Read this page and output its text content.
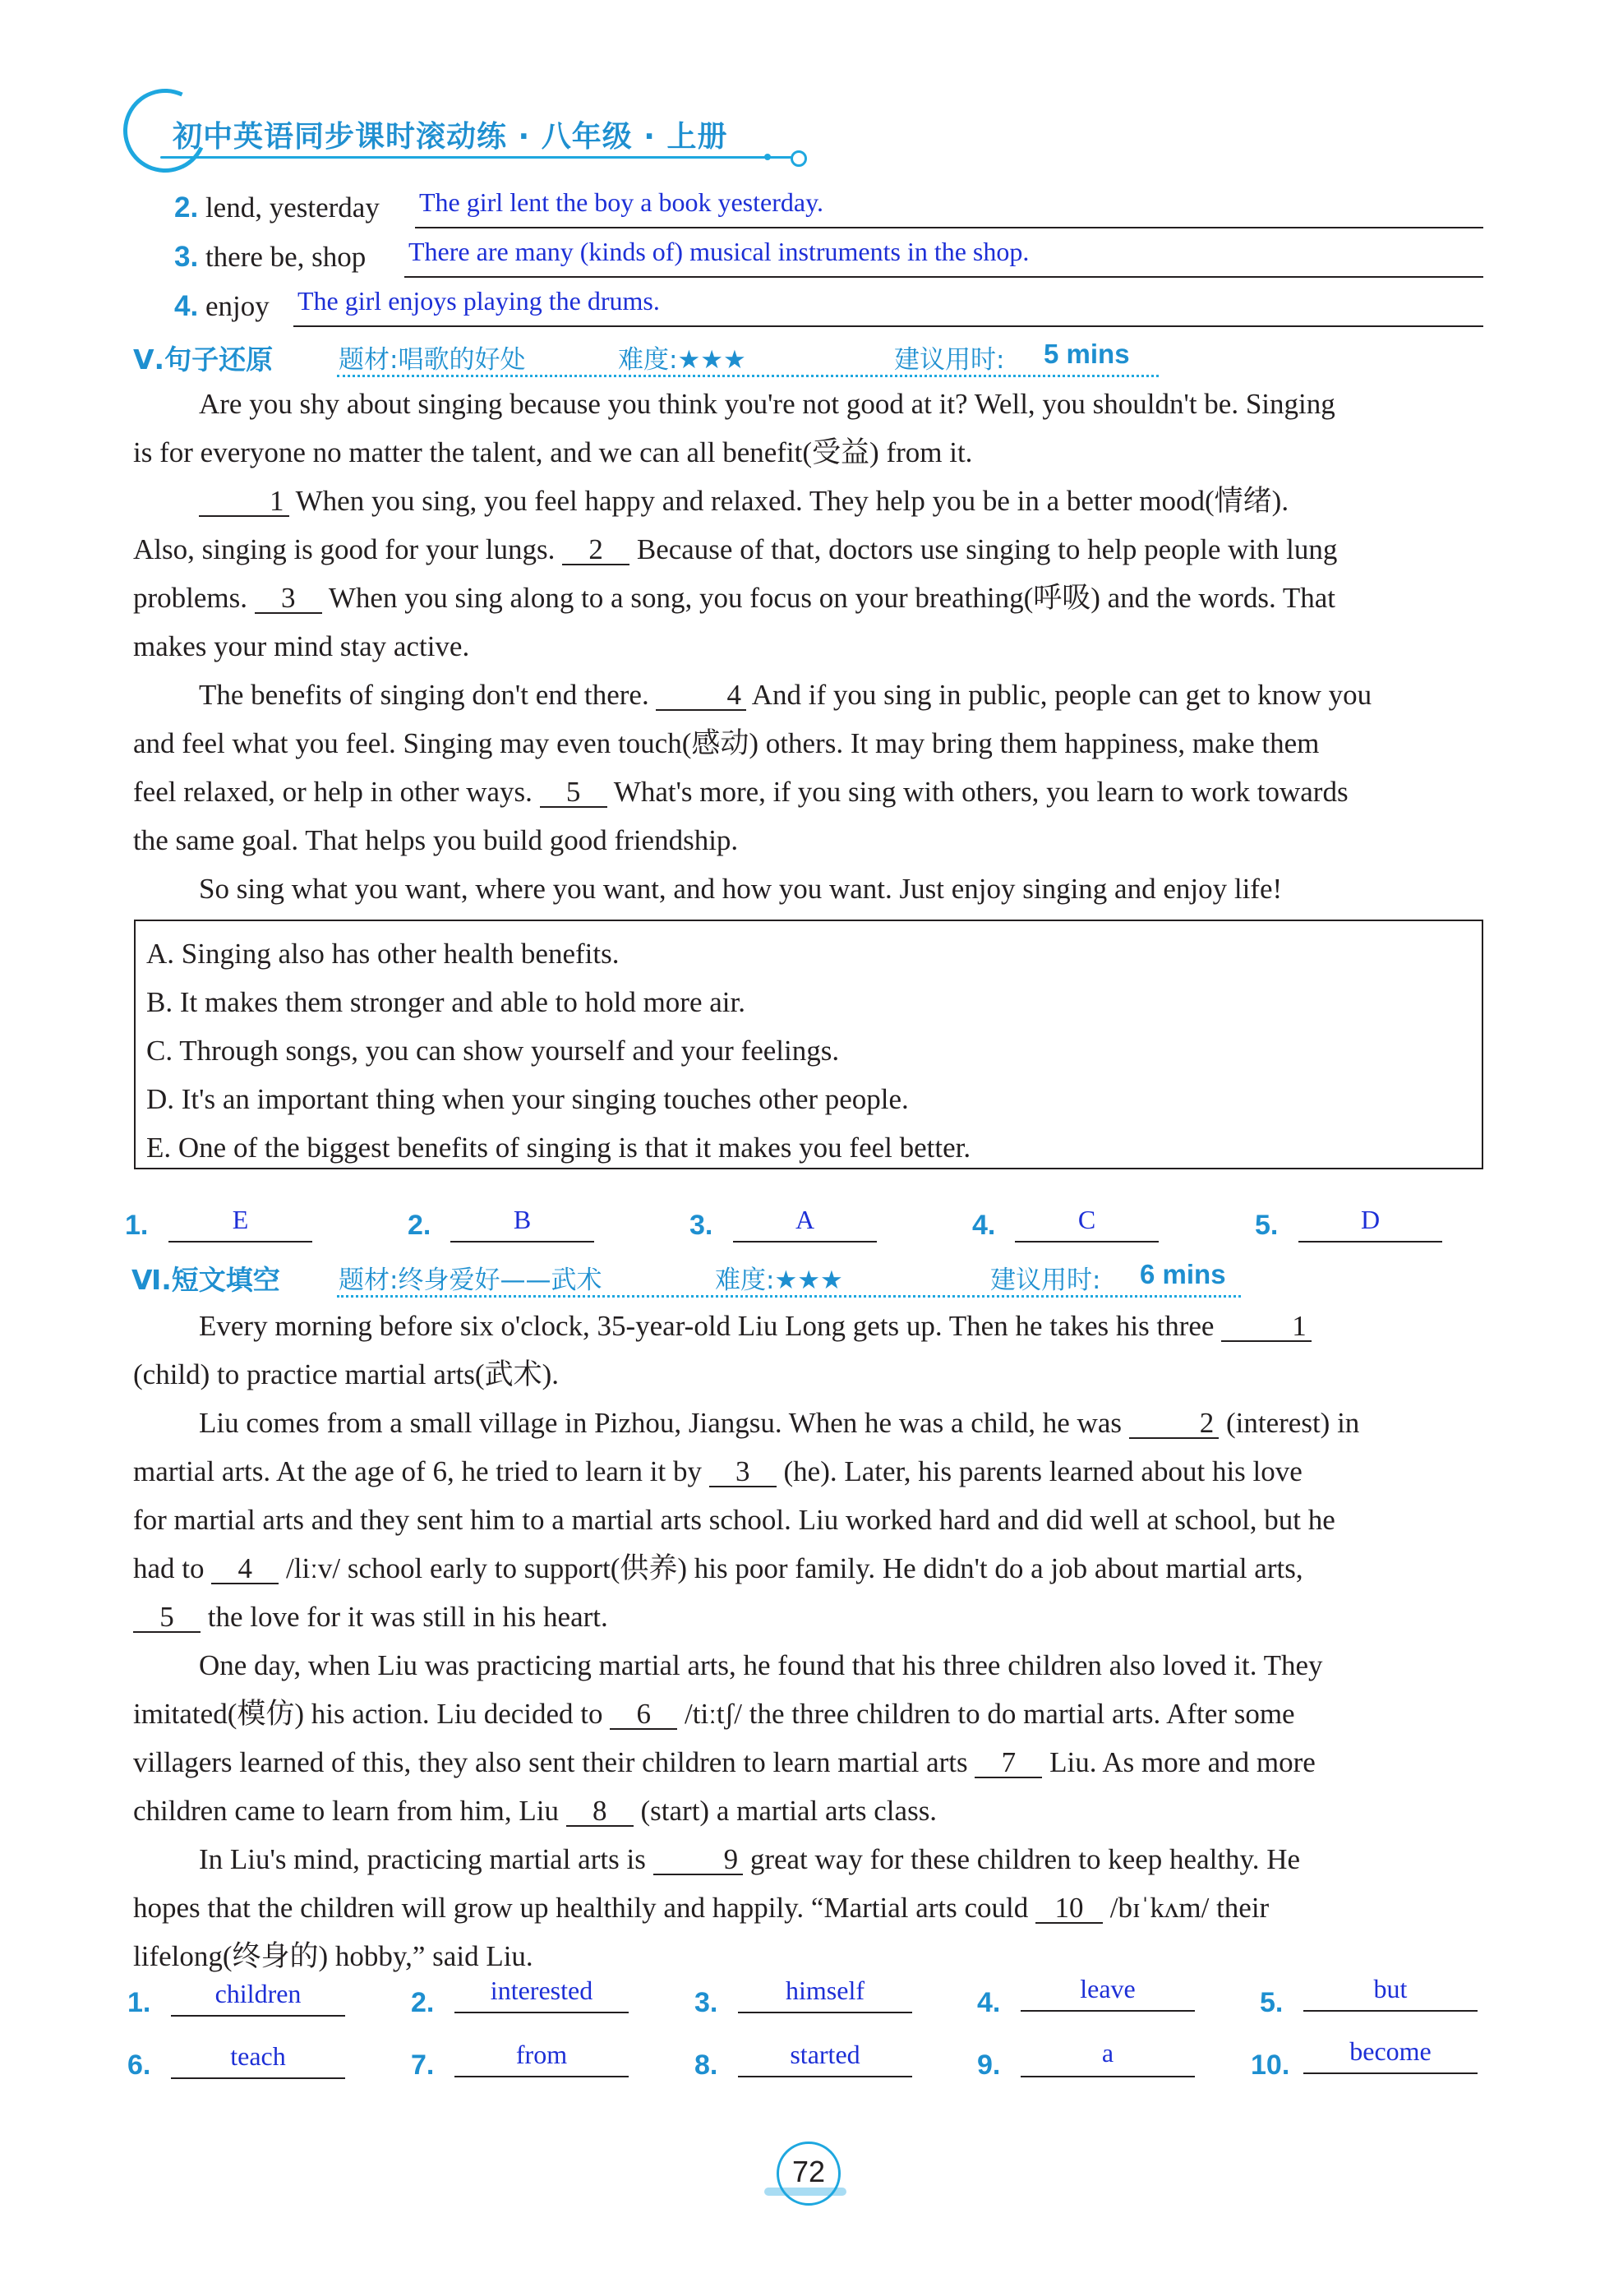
初中英语同步课时滚动练 · 八年级 · 上册
2. lend, yesterday The girl lent the boy a book yesterday.
3. there be, shop There are many (kinds of) musical instruments in the shop.
4. enjoy The girl enjoys playing the drums.
Ⅴ.句子还原	题材:唱歌的好处	难度:★★★	建议用时: 5 mins

Are you shy about singing because you think you're not good at it? Well, you shouldn't be. Singing

is for everyone no matter the talent, and we can all benefit(受益) from it.

1 When you sing, you feel happy and relaxed. They help you be in a better mood(情绪).

Also, singing is good for your lungs. 2 Because of that, doctors use singing to help people with lung

problems. 3 When you sing along to a song, you focus on your breathing(呼吸) and the words. That

makes your mind stay active.

The benefits of singing don't end there.	4 And if you sing in public, people can get to know you

and feel what you feel. Singing may even touch(感动) others. It may bring them happiness, make them

feel relaxed, or help in other ways. 5 What's more, if you sing with others, you learn to work towards

the same goal. That helps you build good friendship.

So sing what you want, where you want, and how you want. Just enjoy singing and enjoy life!

A. Singing also has other health benefits.
B. It makes them stronger and able to hold more air.
C. Through songs, you can show yourself and your feelings.
D. It's an important thing when your singing touches other people.
E. One of the biggest benefits of singing is that it makes you feel better.
1.	E	2.	B	3.	A	4.	C	5.	D
Ⅵ.短文填空 题材:终身爱好——武术	难度:★★★	建议用时: 6 mins

Every morning before six o'clock, 35-year-old Liu Long gets up. Then he takes his three	1

(child) to practice martial arts(武术).

Liu comes from a small village in Pizhou, Jiangsu. When he was a child, he was	2 (interest) in

martial arts. At the age of 6, he tried to learn it by 3 (he). Later, his parents learned about his love

for martial arts and they sent him to a martial arts school. Liu worked hard and did well at school, but he

had to 4 /liːv/ school early to support(供养) his poor family. He didn't do a job about martial arts,

5 the love for it was still in his heart.

One day, when Liu was practicing martial arts, he found that his three children also loved it. They

imitated(模仿) his action. Liu decided to 6 /tiːtʃ/ the three children to do martial arts. After some

villagers learned of this, they also sent their children to learn martial arts 7 Liu. As more and more

children came to learn from him, Liu 8 (start) a martial arts class.

In Liu's mind, practicing martial arts is	9 great way for these children to keep healthy. He

hopes that the children will grow up healthily and happily. “Martial arts could 10 /bɪˈkʌm/ their

lifelong(终身的) hobby,” said Liu.

1.	children	2.	interested	3.	himself	4.	leave	5.	but
6.	teach	7.	from	8.	started	9.	a	10.	become
72
